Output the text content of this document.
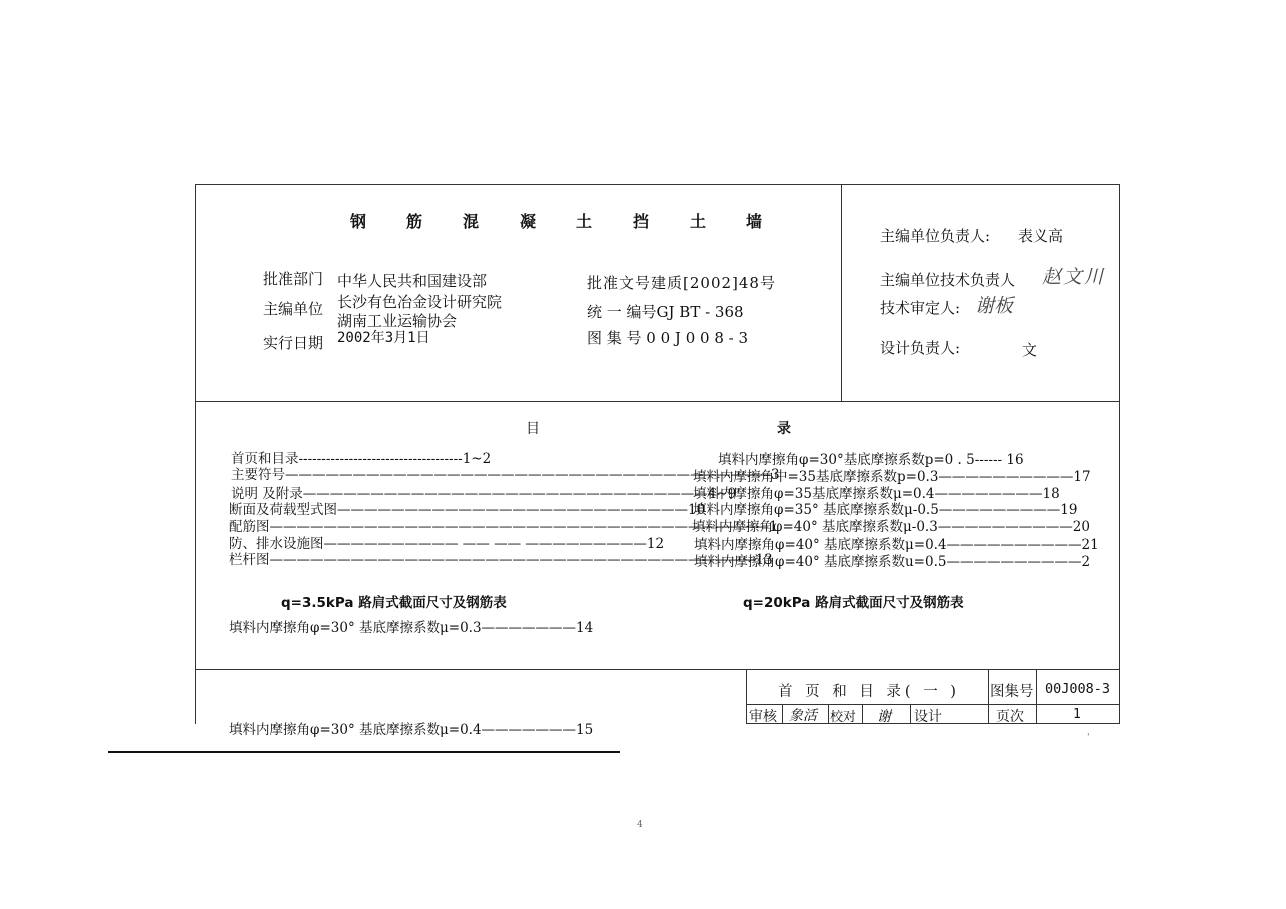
钢 筋	混	凝 土	挡	土 墙
批准部门 中华人民共和国建设部
主编单位 长沙有色冶金设计研究院
湖南工业运输协会
实行日期 2002年3月1日
批准文号建质[2002]48号
统 一 编号GJ BT - 368
图 集 号 0 0 J 0 0 8 - 3
主编单位负责人: 表义高
主编单位技术负责人 赵文川
技术审定人: 谢板
设计负责人:	文
目	录
首页和目录------------------------------------1~2
主要符号————————————————————————————————————3
说明 及附录——————————————————————————————4~9
断面及荷载型式图——————————————————————————10
配筋图—————————————————————————————————————1
防、排水设施图—————————— —— —— —————————12
栏杆图————————————————————————————————————13
填料内摩擦角φ=30°基底摩擦系数p=0 . 5------ 16
填料内摩擦角中=35基底摩擦系数p=0.3——————————17
填料内摩擦角φ=35基底摩擦系数μ=0.4————————18
填料内摩擦角φ=35° 基底摩擦系数μ-0.5—————————19
填料内摩擦角φ=40° 基底摩擦系数μ-0.3——————————20
填料内摩擦角φ=40° 基底摩擦系数μ=0.4——————————21
填料内摩擦角φ=40° 基底摩擦系数u=0.5——————————2
q=3.5kPa 路肩式截面尺寸及钢筋表	q=20kPa 路肩式截面尺寸及钢筋表
填料内摩擦角φ=30° 基底摩擦系数μ=0.3———————14
填料内摩擦角φ=30° 基底摩擦系数μ=0.4———————15
首 页 和 目 录( 一 ) 图集号 00J008-3
审核 象活 校对 谢 设计	页次	1
'
4
